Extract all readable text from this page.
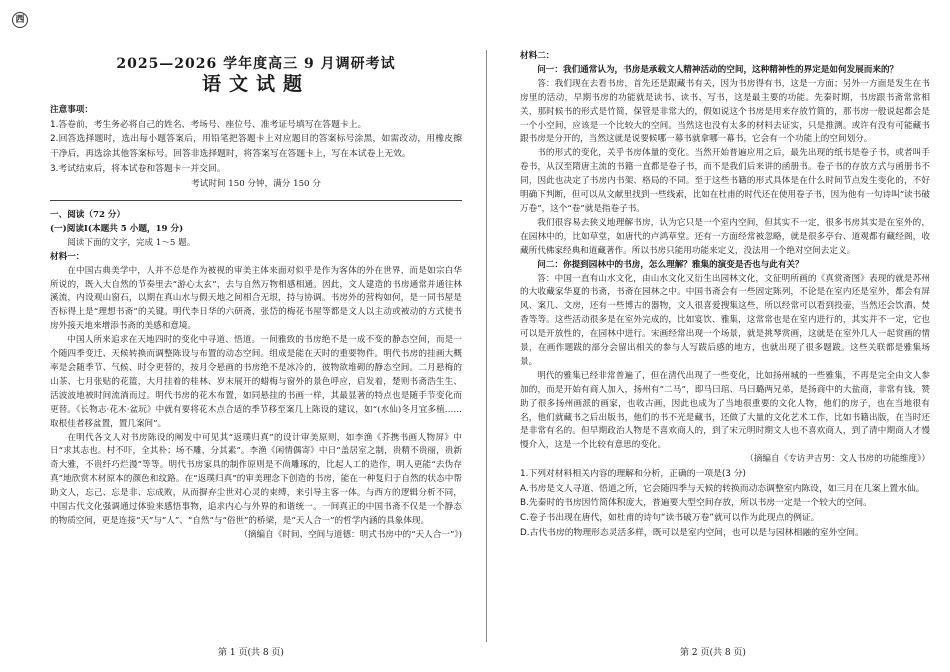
西
2025—2026 学年度高三 9 月调研考试
语文试题

注意事项：

1.答卷前，考生务必将自己的姓名、考场号、座位号、准考证号填写在答题卡上。

2.回答选择题时，选出每小题答案后，用铅笔把答题卡上对应题目的答案标号涂黑，如需改动，用橡皮擦干净后，再选涂其他答案标号。回答非选择题时，将答案写在答题卡上，写在本试卷上无效。

3.考试结束后，将本试卷和答题卡一并交回。

考试时间 150 分钟，满分 150 分

一、阅读（72 分）

(一)阅读Ⅰ(本题共 5 小题，19 分)

阅读下面的文字，完成 1～5 题。

材料一：

在中国古典美学中，人并不总是作为被视的审美主体来面对似乎是作为客体的外在世界，而是如宗白华所说的，既入大自然的节奏里去“游心太玄”，去与自然万物相感相通。因此，文人建造的书房通常并通往林溪流，内设观山窗石，以期在真山水与假天地之间相合无垠，持与协调。书房外的营构如何，是一同书屋是否标得上是“理想书斋”的关键。明代李日华的六研斋，张岱的梅花书屋等都是文人以主动或被动的方式使书房外接天地来增添书斋的美感和意境。

中国人所来追求在天地四时的变化中寻道、悟道。一间雅致的书房绝不是一成不变的静态空间，而是一个随四季变迁、天候转换而调整陈设与布置的动态空间。组成是能在天时的重要物件。明代书房的挂画大概率是会随季节、气候、时令更替的，按月令悬画的书房绝不是冰冷的，彼物欲堆砌的静态空间。二月悬梅的山茶、七月张贴的花篮，大月挂着的桂林、岁末展开的蜡梅与窗外的景色呼应，启发着，楚则书斋浩生生、活波波地被时间流淌而过。明代书房的花木布置，如同悬挂的书画一样，其最显著的特点也是随手节变化而更替。《长物志·花木·盆玩》中就有要将花木点合适的季节移至案几上陈设的建议，如“(水仙)冬月宜多植……取根佳者移盆置，置几案间”。

在明代各文人对书房陈设的阐发中可见其“返璞归真”的设计审美原则，如李渔《芥携书画人物屏》中日“求其志也。村不吓，全其朴；场不雕，分其素”。李渔《闲情偶寄》中日“盖居室之制，贵精不贵丽，贵新奇大雅，不贵纤巧烂漫”等等。明代书房家具的制作原则是不尚雕琢的，比起人工的造作，明人更能“去伪存真”地欣赏木材原本的颜色和纹路。在“返璞归真”的审美理念下创造的书房，能在一种复归于自然的状态中帮助文人，忘己、忘是非、忘成败，从而摒弃尘世对心灵的束缚，来引导主客一体。与西方的逻辑分析不同，中国古代文化强调通过体验来感悟事物，追求内心与外界的和谐统一。一间真正的中国书斋不仅是一个静态的物质空间，更是连接“天”与“人”、“自然”与“俗世”的桥梁，是“天人合一”的哲学内涵的具象体现。

（摘编自《时间、空间与道德：明式书房中的“天人合一”》)

材料二：

问一：我们通常认为，书房是承载文人精神活动的空间，这种精神性的界定是如何发展而来的？

答：我们现在去看书房，首先还是跟藏书有关，因为书房得有书，这是一方面；另外一方面是发生在书房里的活动，早期书房的功能就是读书、读书、写书，这是最主要的功能。先秦时期，书房跟书斋常常相关，那时候书的形式是竹简，保管是非常大的，假如说这个书房是用来存放竹简的，那书房一般说起都会是一个小空间，应该是一个比较大的空间。当然这也没有太多的材料去证实，只是推测。或许有没有可能藏书跟书房是分开的，当然这就是说要候哪一幕书就拿哪一幕书，它会有一个功能上的空间划分。

书的形式的变化，关乎书房体量的变化。当然开始普遍应用之后，最先出现的纸书是卷子书，或者叫手卷书，从汉至隋唐主流的书籍一直都是卷子书，而不是我们后来讲的函册书。卷子书的存放方式与函册书不同，因此也决定了书房内书架、格局的不同。至于这些书籍的形式具体是在什么时间节点发生变化的，不好明确下判断，但可以从文献里找到一些线索，比如在杜甫的时代还在使用卷子书，因为他有一句诗叫“读书破万卷”，这个“卷”就是指卷子书。

我们很容易去狭义地理解书房，认为它只是一个室内空间，但其实不一定，很多书房其实是在室外的，在园林中的，比如草堂，如唐代的卢鸿草堂。还有一方面经常被忽略，就是很多亭台、道观都有藏经阁，收藏所代佛家经典和道藏著作。所以书房只能用功能来定义，没法用一个绝对空间去定义。

问二：你提到园林中的书房，怎么理解？雅集的演变是否也与此有关？

答：中国一直有山水文化，由山水文化又衍生出园林文化，文征明所画的《真赏斋图》表现的就是苏州的大收藏家华夏的书斋，书斋在园林之中。中国书斋会有一些固定陈列，不论是在室内还是室外，都会有屏风、案几、文房，还有一些博古的器物，文人很喜爱搜集这些，所以经常可以看到投壶，当然还会饮酒、焚香等等。这些活动很多是在室外完成的，比如宴饮、雅集，这常常也是在室内进行的，其实并不一定，它也可以是开放性的，在园林中进行。宋画经常出现一个场景，就是挑琴赏画，这就是在室外几人一起赏画的情景，在画作题跋的部分会留出相关的参与人写跋后感的地方，也就出现了很多题跋。这些关联都是雅集场景。

明代的雅集已经非常普遍了，但在清代出现了一些变化，比如扬州城的一些雅集，不再是完全由文人参加的，而是开始有商人加入，扬州有“二马”，即马曰琯、马曰璐两兄弟，是扬商中的大盐商，非常有钱，赞助了很多扬州画派的画家，也收古画，因此也成为了当地很重要的文化人物，他们的房子，也在当地很有名，他们就藏书之后出版书，他们的书不光是藏书，还做了大量的文化艺术工作，比如书籍出版，在当时还是非常有名的。但早期政治人物是不喜欢商人的，到了宋元明时期文人也不喜欢商人，到了清中期商人才慢慢介入，这是一个比较有意思的变化。

（摘编自《专访尹吉男：文人书房的功能维度》）

1.下列对材料相关内容的理解和分析，正确的一项是(3 分)

A.书房是文人寻道、悟道之所，它会随四季与天候的转换而动态调整室内陈设，如三月在几案上置水仙。

B.先秦时的书房因竹简体积庞大，普遍要大型空间存放，所以书房一定是一个较大的空间。

C.卷子书出现在唐代，如杜甫的诗句“读书破万卷”就可以作为此现点的例证。

D.古代书房的物理形态灵活多样，既可以是室内空间，也可以是与园林相融的室外空间。

第 1 页(共 8 页)	第 2 页(共 8 页)
